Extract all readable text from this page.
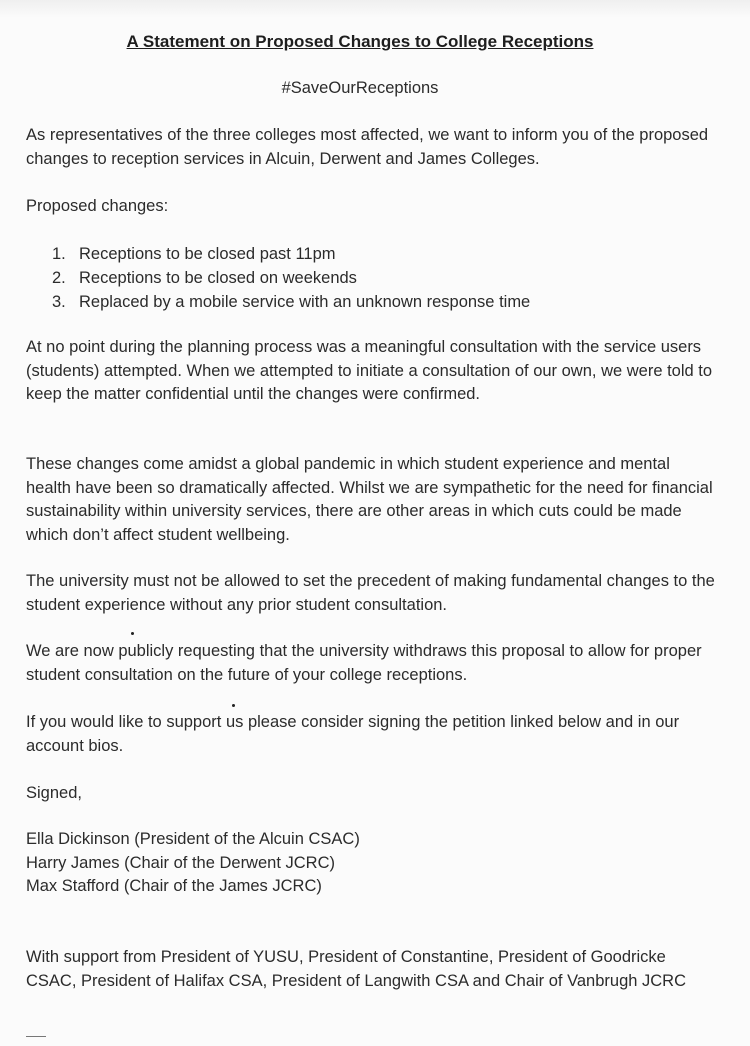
A Statement on Proposed Changes to College Receptions
#SaveOurReceptions

As representatives of the three colleges most affected, we want to inform you of the proposed changes to reception services in Alcuin, Derwent and James Colleges.

Proposed changes:

1. Receptions to be closed past 11pm
2. Receptions to be closed on weekends
3. Replaced by a mobile service with an unknown response time

At no point during the planning process was a meaningful consultation with the service users (students) attempted. When we attempted to initiate a consultation of our own, we were told to keep the matter confidential until the changes were confirmed.

These changes come amidst a global pandemic in which student experience and mental health have been so dramatically affected. Whilst we are sympathetic for the need for financial sustainability within university services, there are other areas in which cuts could be made which don’t affect student wellbeing.

The university must not be allowed to set the precedent of making fundamental changes to the student experience without any prior student consultation.

We are now publicly requesting that the university withdraws this proposal to allow for proper student consultation on the future of your college receptions.

If you would like to support us please consider signing the petition linked below and in our account bios.

Signed,

Ella Dickinson (President of the Alcuin CSAC)
Harry James (Chair of the Derwent JCRC)
Max Stafford (Chair of the James JCRC)

With support from President of YUSU, President of Constantine, President of Goodricke CSAC, President of Halifax CSA, President of Langwith CSA and Chair of Vanbrugh JCRC
